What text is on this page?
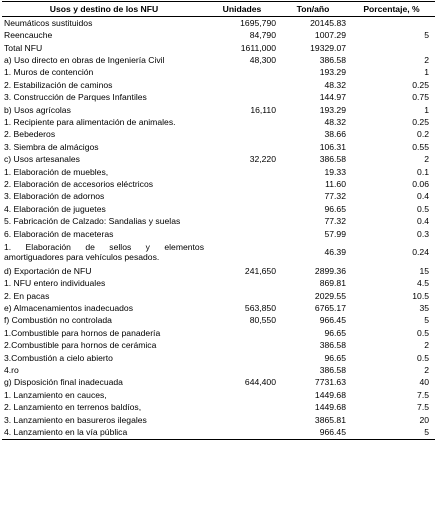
Usos y destino de los NFU	Unidades	Ton/año	Porcentaje, %
Neumáticos sustituidos	1695,790	20145.83	
Reencauche	84,790	1007.29	5
Total NFU	1611,000	19329.07	
a) Uso directo en obras de Ingeniería Civil	48,300	386.58	2
1. Muros de contención		193.29	1
2. Estabilización de caminos		48.32	0.25
3. Construcción de Parques Infantiles		144.97	0.75
b) Usos agrícolas	16,110	193.29	1
1. Recipiente para alimentación de animales.		48.32	0.25
2. Bebederos		38.66	0.2
3. Siembra de almácigos		106.31	0.55
c) Usos artesanales	32,220	386.58	2
1. Elaboración de muebles,		19.33	0.1
2. Elaboración de accesorios eléctricos		11.60	0.06
3. Elaboración de adornos		77.32	0.4
4. Elaboración de juguetes		96.65	0.5
5. Fabricación de Calzado: Sandalias y suelas		77.32	0.4
6. Elaboración de maceteras		57.99	0.3
1. Elaboración de sellos y elementos amortiguadores para vehículos pesados.		46.39	0.24
d) Exportación de NFU	241,650	2899.36	15
1. NFU entero individuales		869.81	4.5
2. En pacas		2029.55	10.5
e) Almacenamientos inadecuados	563,850	6765.17	35
f) Combustión no controlada	80,550	966.45	5
1.Combustible para hornos de panadería		96.65	0.5
2.Combustible para hornos de cerámica		386.58	2
3.Combustión a cielo abierto		96.65	0.5
4.ro		386.58	2
g) Disposición final inadecuada	644,400	7731.63	40
1. Lanzamiento en cauces,		1449.68	7.5
2. Lanzamiento en terrenos baldíos,		1449.68	7.5
3. Lanzamiento en basureros ilegales		3865.81	20
4. Lanzamiento en la vía pública		966.45	5
